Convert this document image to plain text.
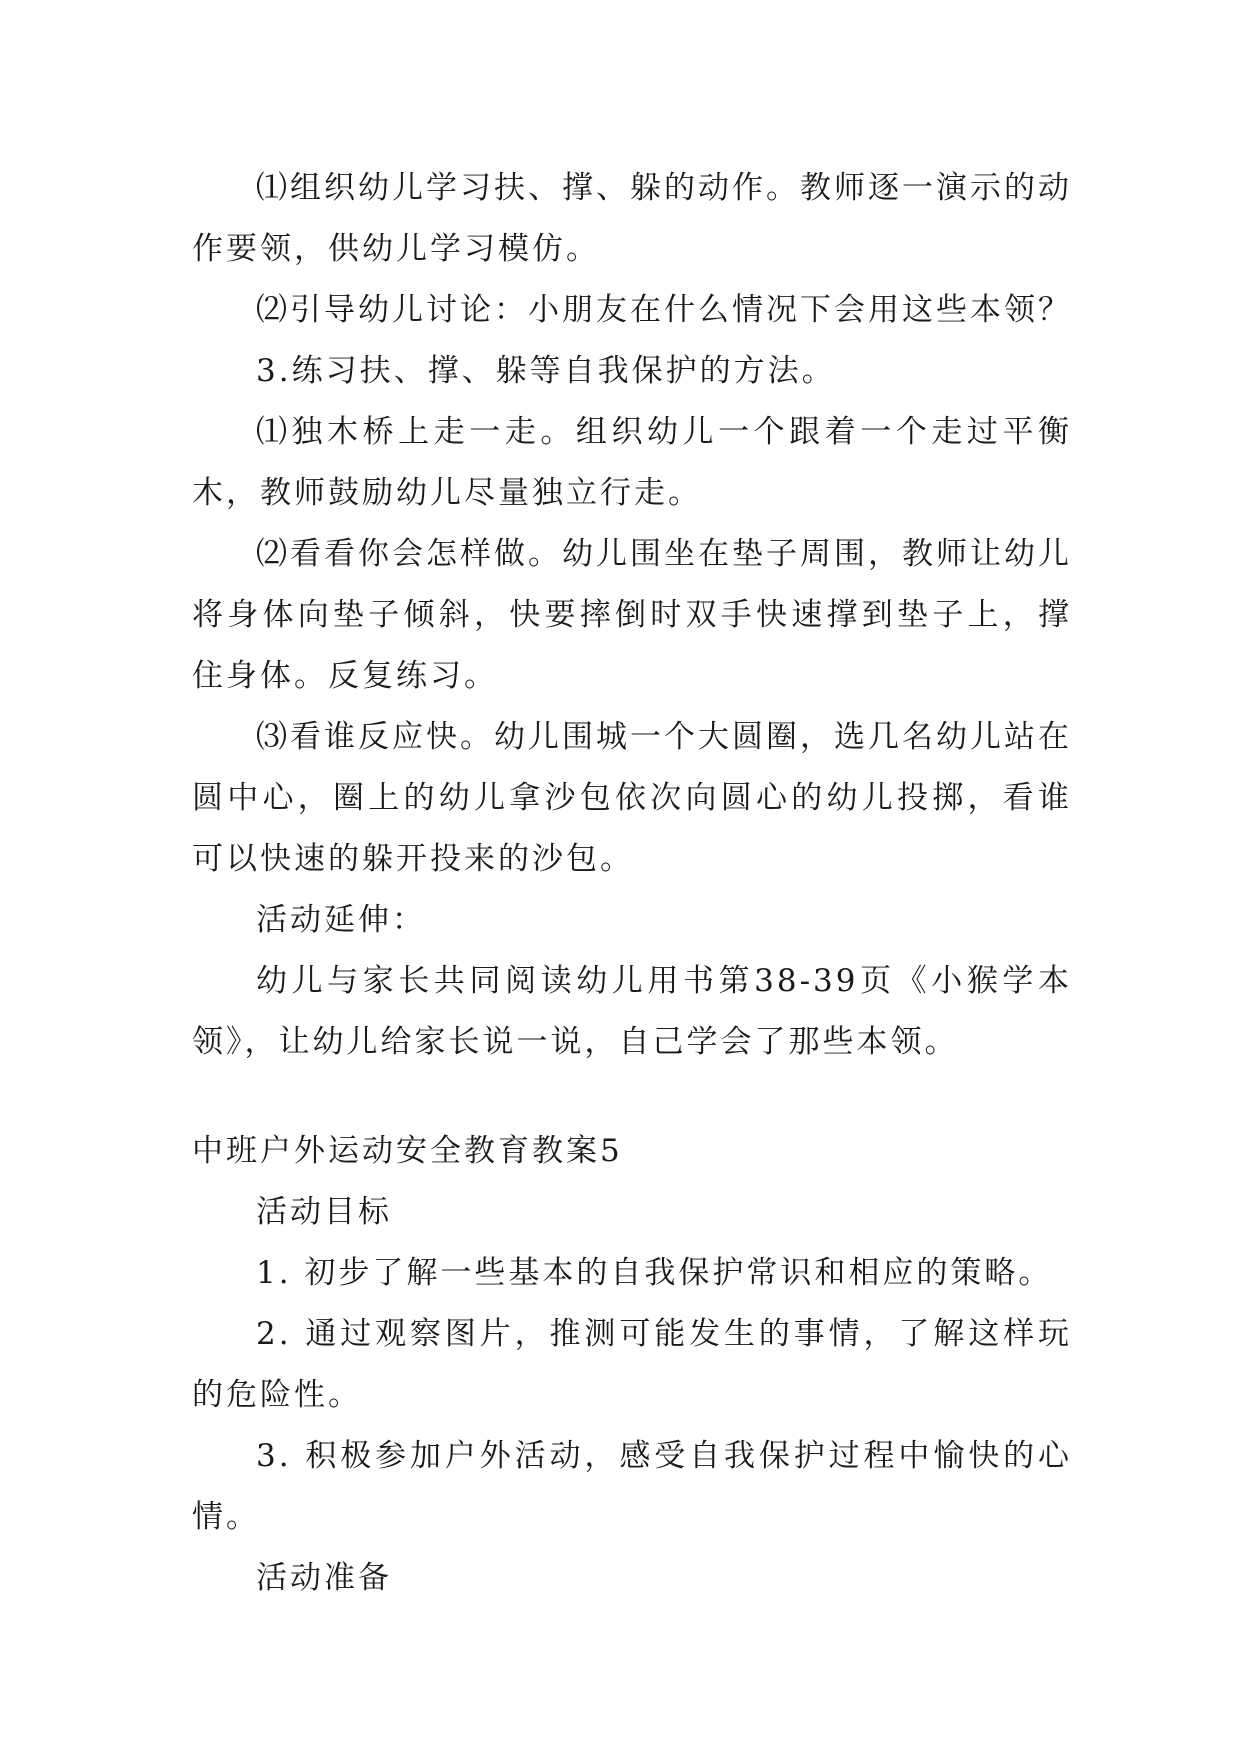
⑴组织幼儿学习扶、撑、躲的动作。教师逐一演示的动作要领，供幼儿学习模仿。

⑵引导幼儿讨论：小朋友在什么情况下会用这些本领？

3.练习扶、撑、躲等自我保护的方法。

⑴独木桥上走一走。组织幼儿一个跟着一个走过平衡木，教师鼓励幼儿尽量独立行走。

⑵看看你会怎样做。幼儿围坐在垫子周围，教师让幼儿将身体向垫子倾斜，快要摔倒时双手快速撑到垫子上，撑住身体。反复练习。

⑶看谁反应快。幼儿围城一个大圆圈，选几名幼儿站在圆中心，圈上的幼儿拿沙包依次向圆心的幼儿投掷，看谁可以快速的躲开投来的沙包。

活动延伸：

幼儿与家长共同阅读幼儿用书第38-39页《小猴学本领》，让幼儿给家长说一说，自己学会了那些本领。

中班户外运动安全教育教案5

活动目标

1. 初步了解一些基本的自我保护常识和相应的策略。

2. 通过观察图片，推测可能发生的事情，了解这样玩的危险性。

3. 积极参加户外活动，感受自我保护过程中愉快的心情。

活动准备
